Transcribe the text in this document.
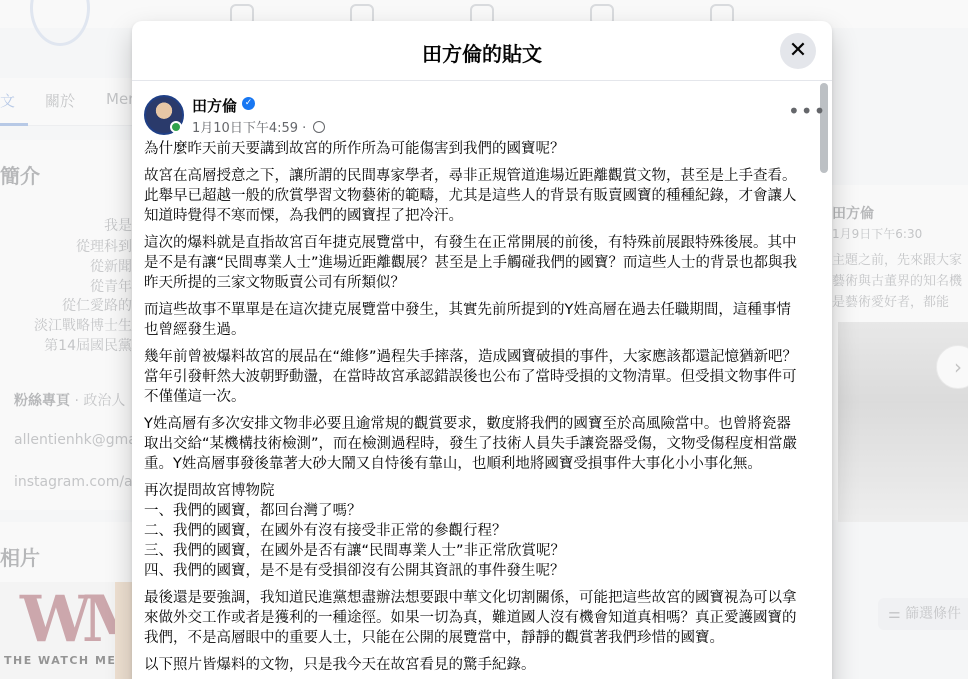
田方倫的貼文	✕
田方倫 ✓
1月10日下午4:59 ·
•••
為什麼昨天前天要講到故宮的所作所為可能傷害到我們的國寶呢？
故宮在高層授意之下，讓所謂的民間專家學者，尋非正規管道進場近距離觀賞文物，甚至是上手查看。
此舉早已超越一般的欣賞學習文物藝術的範疇，尤其是這些人的背景有販賣國寶的種種紀錄，才會讓人
知道時覺得不寒而慄，為我們的國寶捏了把冷汗。
這次的爆料就是直指故宮百年捷克展覽當中，有發生在正常開展的前後，有特殊前展跟特殊後展。其中
是不是有讓“民間專業人士”進場近距離觀展？甚至是上手觸碰我們的國寶？而這些人士的背景也都與我
昨天所提的三家文物販賣公司有所類似？
而這些故事不單單是在這次捷克展覽當中發生，其實先前所提到的Y姓高層在過去任職期間，這種事情
也曾經發生過。
幾年前曾被爆料故宮的展品在“維修”過程失手摔落，造成國寶破損的事件，大家應該都還記憶猶新吧？
當年引發軒然大波朝野動盪，在當時故宮承認錯誤後也公布了當時受損的文物清單。但受損文物事件可
不僅僅這一次。
Y姓高層有多次安排文物非必要且逾常規的觀賞要求，數度將我們的國寶至於高風險當中。也曾將瓷器
取出交給“某機構技術檢測”，而在檢測過程時，發生了技術人員失手讓瓷器受傷，文物受傷程度相當嚴
重。Y姓高層事發後靠著大砂大鬧又自恃後有靠山，也順利地將國寶受損事件大事化小小事化無。
再次提問故宮博物院
一、我們的國寶，都回台灣了嗎？
二、我們的國寶，在國外有沒有接受非正常的參觀行程？
三、我們的國寶，在國外是否有讓“民間專業人士”非正常欣賞呢？
四、我們的國寶，是不是有受損卻沒有公開其資訊的事件發生呢？
最後還是要強調，我知道民進黨想盡辦法想要跟中華文化切割關係，可能把這些故宮的國寶視為可以拿
來做外交工作或者是獲利的一種途徑。如果一切為真，難道國人沒有機會知道真相嗎？真正愛護國寶的
我們，不是高層眼中的重要人士，只能在公開的展覽當中，靜靜的觀賞著我們珍惜的國寶。
以下照片皆爆料的文物，只是我今天在故宮看見的驚手紀錄。
